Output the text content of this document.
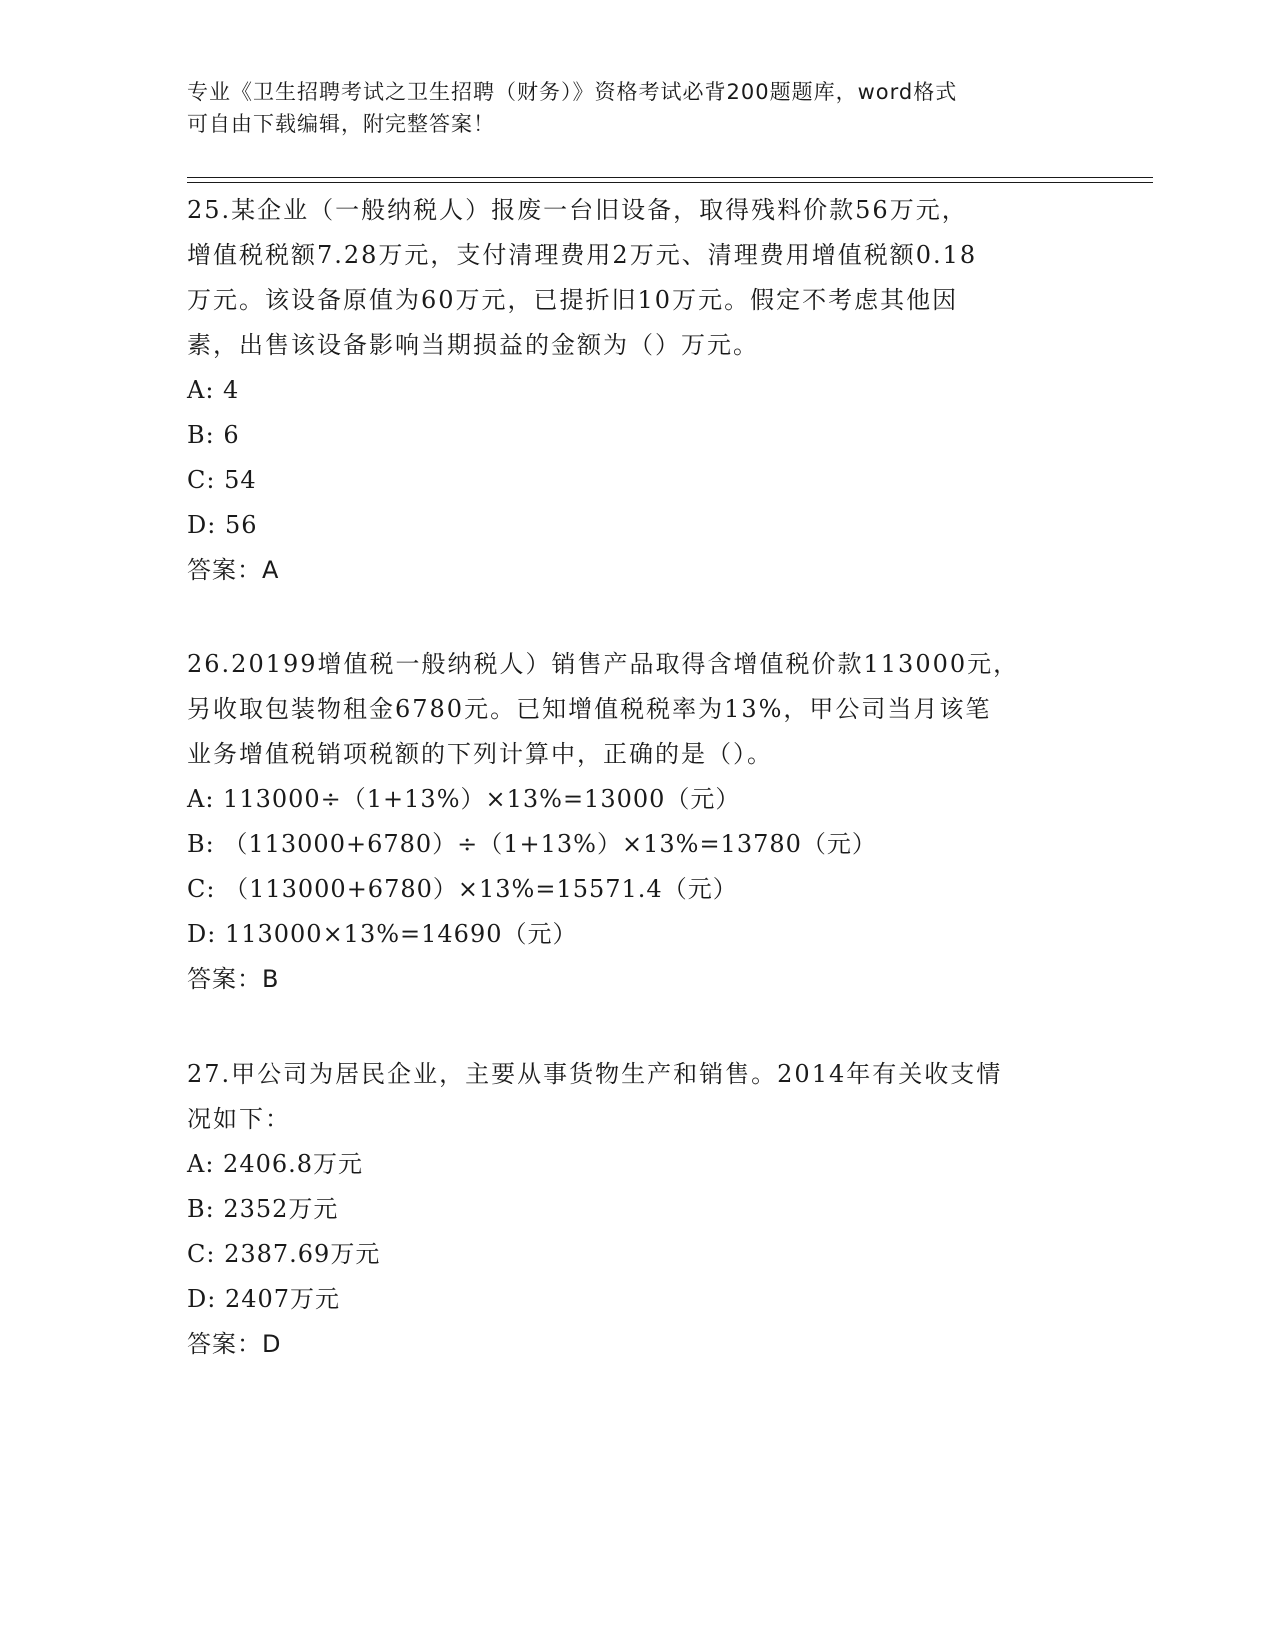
专业《卫生招聘考试之卫生招聘（财务）》资格考试必背200题题库，word格式
可自由下载编辑，附完整答案！
25.某企业（一般纳税人）报废一台旧设备，取得残料价款56万元，
增值税税额7.28万元，支付清理费用2万元、清理费用增值税额0.18
万元。该设备原值为60万元，已提折旧10万元。假定不考虑其他因
素，出售该设备影响当期损益的金额为（）万元。
A: 4
B: 6
C: 54
D: 56
答案：A
26.20199增值税一般纳税人）销售产品取得含增值税价款113000元，
另收取包装物租金6780元。已知增值税税率为13%，甲公司当月该笔
业务增值税销项税额的下列计算中，正确的是（）。
A: 113000÷（1+13%）×13%=13000（元）
B: （113000+6780）÷（1+13%）×13%=13780（元）
C: （113000+6780）×13%=15571.4（元）
D: 113000×13%=14690（元）
答案：B
27.甲公司为居民企业，主要从事货物生产和销售。2014年有关收支情
况如下：
A: 2406.8万元
B: 2352万元
C: 2387.69万元
D: 2407万元
答案：D
